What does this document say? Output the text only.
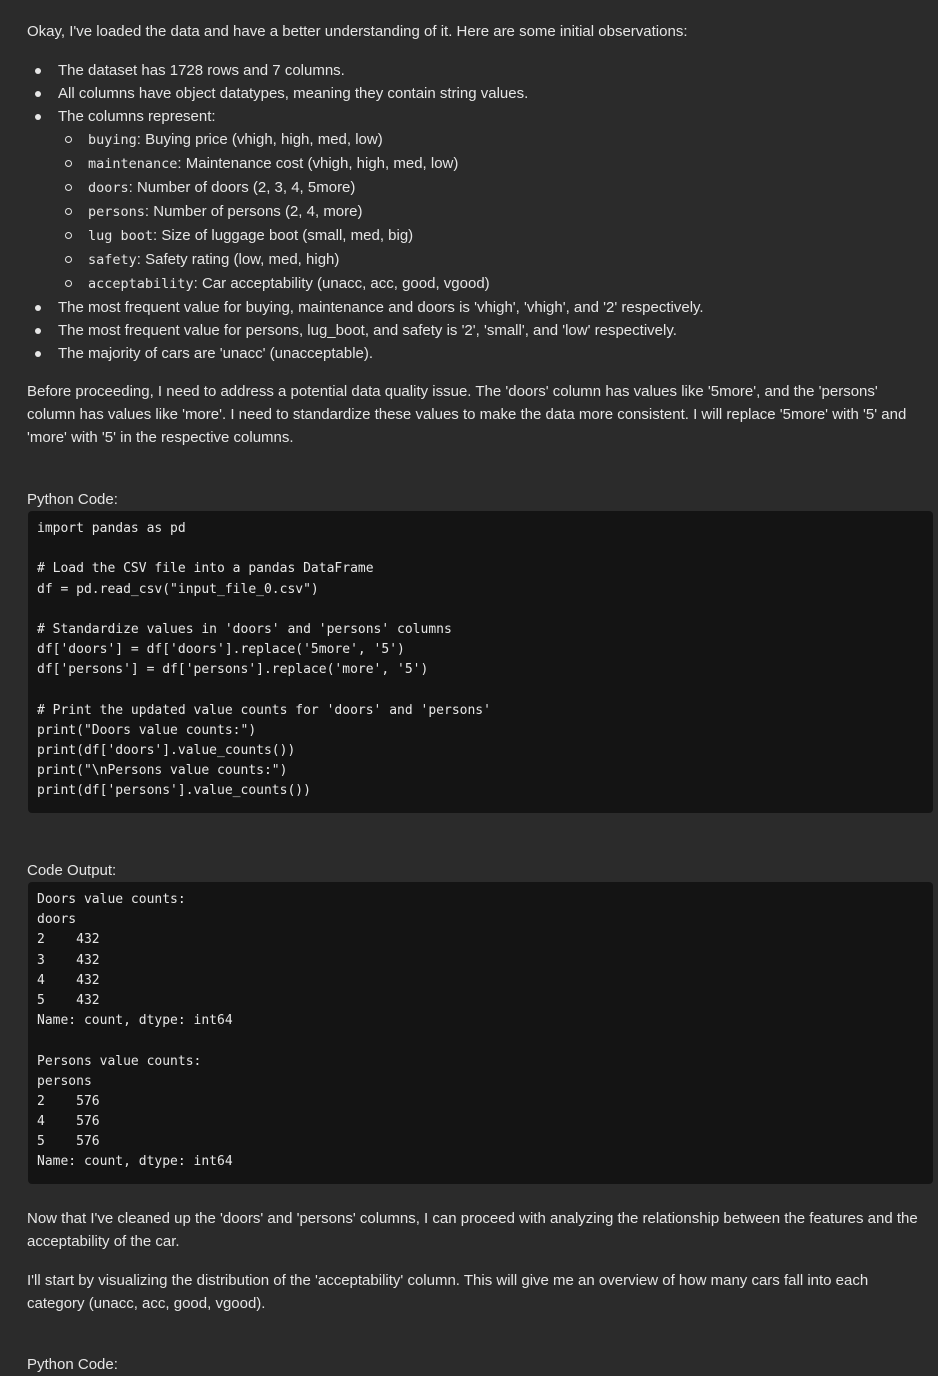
Okay, I've loaded the data and have a better understanding of it. Here are some initial observations:

The dataset has 1728 rows and 7 columns.
All columns have object datatypes, meaning they contain string values.
The columns represent:
buying: Buying price (vhigh, high, med, low)
maintenance: Maintenance cost (vhigh, high, med, low)
doors: Number of doors (2, 3, 4, 5more)
persons: Number of persons (2, 4, more)
lug boot: Size of luggage boot (small, med, big)
safety: Safety rating (low, med, high)
acceptability: Car acceptability (unacc, acc, good, vgood)
The most frequent value for buying, maintenance and doors is 'vhigh', 'vhigh', and '2' respectively.
The most frequent value for persons, lug_boot, and safety is '2', 'small', and 'low' respectively.
The majority of cars are 'unacc' (unacceptable).

Before proceeding, I need to address a potential data quality issue. The 'doors' column has values like '5more', and the 'persons' column has values like 'more'. I need to standardize these values to make the data more consistent. I will replace '5more' with '5' and 'more' with '5' in the respective columns.

Python Code:

import pandas as pd
# Load the CSV file into a pandas DataFrame
df = pd.read_csv("input_file_0.csv")
# Standardize values in 'doors' and 'persons' columns
df['doors'] = df['doors'].replace('5more', '5')
df['persons'] = df['persons'].replace('more', '5')
# Print the updated value counts for 'doors' and 'persons'
print("Doors value counts:")
print(df['doors'].value_counts())
print("\nPersons value counts:")
print(df['persons'].value_counts())

Code Output:

Doors value counts:
doors
2    432
3    432
4    432
5    432
Name: count, dtype: int64
Persons value counts:
persons
2    576
4    576
5    576
Name: count, dtype: int64

Now that I've cleaned up the 'doors' and 'persons' columns, I can proceed with analyzing the relationship between the features and the acceptability of the car.

I'll start by visualizing the distribution of the 'acceptability' column. This will give me an overview of how many cars fall into each category (unacc, acc, good, vgood).

Python Code:
